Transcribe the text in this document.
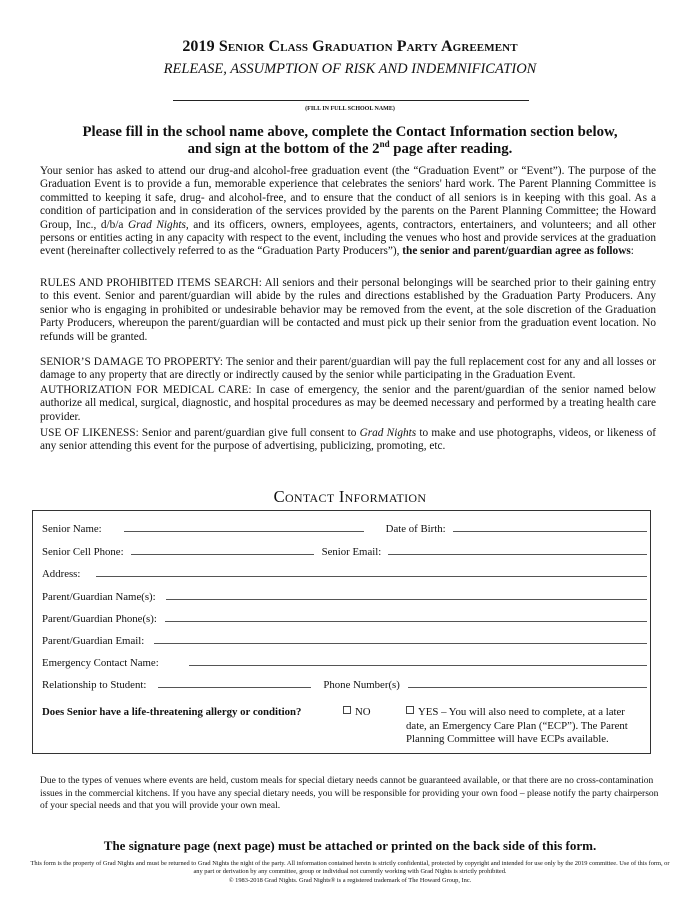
2019 Senior Class Graduation Party Agreement
RELEASE, ASSUMPTION OF RISK AND INDEMNIFICATION
(FILL IN FULL SCHOOL NAME)
Please fill in the school name above, complete the Contact Information section below,
and sign at the bottom of the 2nd page after reading.
Your senior has asked to attend our drug-and alcohol-free graduation event (the “Graduation Event” or “Event”). The purpose of the Graduation Event is to provide a fun, memorable experience that celebrates the seniors' hard work. The Parent Planning Committee is committed to keeping it safe, drug- and alcohol-free, and to ensure that the conduct of all seniors is in keeping with this goal. As a condition of participation and in consideration of the services provided by the parents on the Parent Planning Committee; the Howard Group, Inc., d/b/a Grad Nights, and its officers, owners, employees, agents, contractors, entertainers, and volunteers; and all other persons or entities acting in any capacity with respect to the event, including the venues who host and provide services at the graduation event (hereinafter collectively referred to as the “Graduation Party Producers”), the senior and parent/guardian agree as follows:
RULES AND PROHIBITED ITEMS SEARCH: All seniors and their personal belongings will be searched prior to their gaining entry to this event. Senior and parent/guardian will abide by the rules and directions established by the Graduation Party Producers. Any senior who is engaging in prohibited or undesirable behavior may be removed from the event, at the sole discretion of the Graduation Party Producers, whereupon the parent/guardian will be contacted and must pick up their senior from the graduation event location. No refunds will be granted.
SENIOR’S DAMAGE TO PROPERTY: The senior and their parent/guardian will pay the full replacement cost for any and all losses or damage to any property that are directly or indirectly caused by the senior while participating in the Graduation Event.
AUTHORIZATION FOR MEDICAL CARE: In case of emergency, the senior and the parent/guardian of the senior named below authorize all medical, surgical, diagnostic, and hospital procedures as may be deemed necessary and performed by a treating health care provider.
USE OF LIKENESS: Senior and parent/guardian give full consent to Grad Nights to make and use photographs, videos, or likeness of any senior attending this event for the purpose of advertising, publicizing, promoting, etc.
Contact Information
Senior Name:	Date of Birth:
Senior Cell Phone:	Senior Email:
Address:
Parent/Guardian Name(s):
Parent/Guardian Phone(s):
Parent/Guardian Email:
Emergency Contact Name:
Relationship to Student:	Phone Number(s)
Does Senior have a life-threatening allergy or condition?	NO	YES – You will also need to complete, at a later date, an Emergency Care Plan (“ECP”). The Parent Planning Committee will have ECPs available.
Due to the types of venues where events are held, custom meals for special dietary needs cannot be guaranteed available, or that there are no cross-contamination issues in the commercial kitchens. If you have any special dietary needs, you will be responsible for providing your own food – please notify the party chairperson of your special needs and that you will provide your own meal.
The signature page (next page) must be attached or printed on the back side of this form.
This form is the property of Grad Nights and must be returned to Grad Nights the night of the party. All information contained herein is strictly confidential, protected by copyright and intended for use only by the 2019 committee. Use of this form, or any part or derivation by any committee, group or individual not currently working with Grad Nights is strictly prohibited.
© 1983-2018 Grad Nights. Grad Nights® is a registered trademark of The Howard Group, Inc.
